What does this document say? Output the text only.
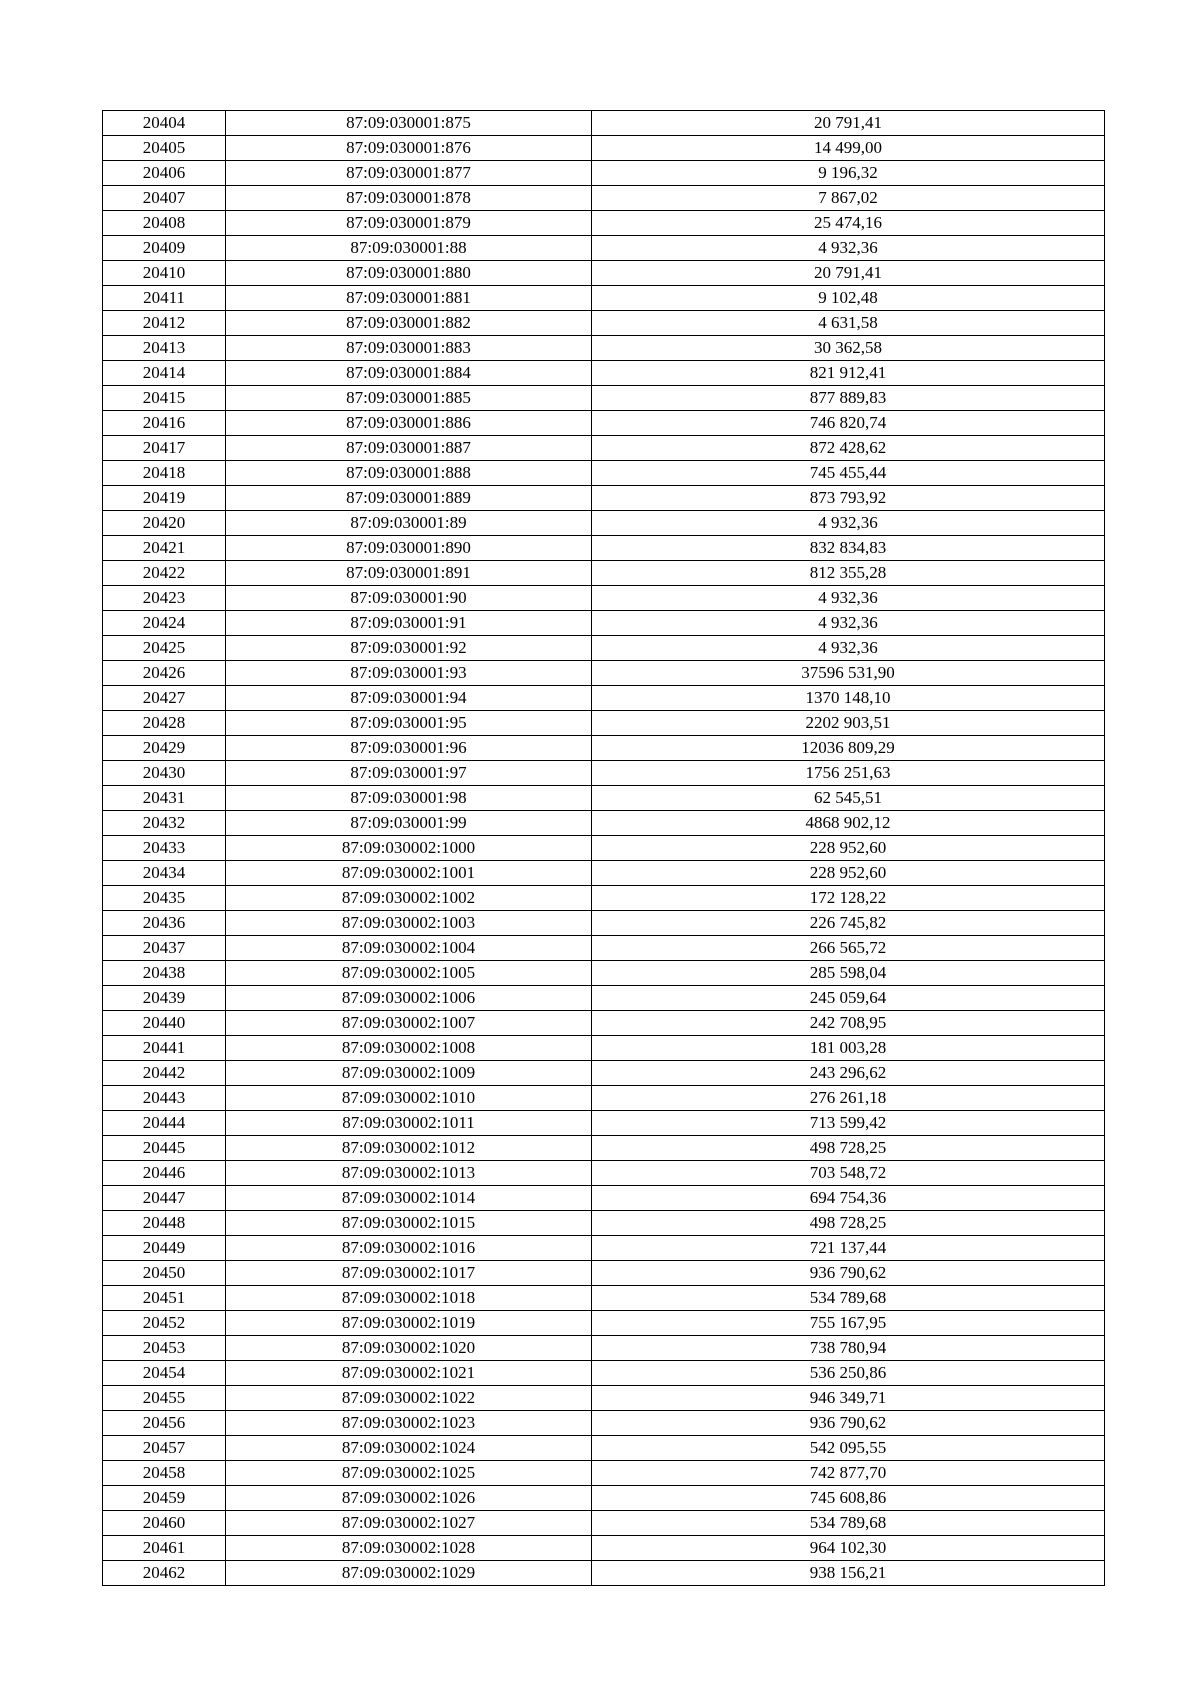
20404	87:09:030001:875	20 791,41
20405	87:09:030001:876	14 499,00
20406	87:09:030001:877	9 196,32
20407	87:09:030001:878	7 867,02
20408	87:09:030001:879	25 474,16
20409	87:09:030001:88	4 932,36
20410	87:09:030001:880	20 791,41
20411	87:09:030001:881	9 102,48
20412	87:09:030001:882	4 631,58
20413	87:09:030001:883	30 362,58
20414	87:09:030001:884	821 912,41
20415	87:09:030001:885	877 889,83
20416	87:09:030001:886	746 820,74
20417	87:09:030001:887	872 428,62
20418	87:09:030001:888	745 455,44
20419	87:09:030001:889	873 793,92
20420	87:09:030001:89	4 932,36
20421	87:09:030001:890	832 834,83
20422	87:09:030001:891	812 355,28
20423	87:09:030001:90	4 932,36
20424	87:09:030001:91	4 932,36
20425	87:09:030001:92	4 932,36
20426	87:09:030001:93	37596 531,90
20427	87:09:030001:94	1370 148,10
20428	87:09:030001:95	2202 903,51
20429	87:09:030001:96	12036 809,29
20430	87:09:030001:97	1756 251,63
20431	87:09:030001:98	62 545,51
20432	87:09:030001:99	4868 902,12
20433	87:09:030002:1000	228 952,60
20434	87:09:030002:1001	228 952,60
20435	87:09:030002:1002	172 128,22
20436	87:09:030002:1003	226 745,82
20437	87:09:030002:1004	266 565,72
20438	87:09:030002:1005	285 598,04
20439	87:09:030002:1006	245 059,64
20440	87:09:030002:1007	242 708,95
20441	87:09:030002:1008	181 003,28
20442	87:09:030002:1009	243 296,62
20443	87:09:030002:1010	276 261,18
20444	87:09:030002:1011	713 599,42
20445	87:09:030002:1012	498 728,25
20446	87:09:030002:1013	703 548,72
20447	87:09:030002:1014	694 754,36
20448	87:09:030002:1015	498 728,25
20449	87:09:030002:1016	721 137,44
20450	87:09:030002:1017	936 790,62
20451	87:09:030002:1018	534 789,68
20452	87:09:030002:1019	755 167,95
20453	87:09:030002:1020	738 780,94
20454	87:09:030002:1021	536 250,86
20455	87:09:030002:1022	946 349,71
20456	87:09:030002:1023	936 790,62
20457	87:09:030002:1024	542 095,55
20458	87:09:030002:1025	742 877,70
20459	87:09:030002:1026	745 608,86
20460	87:09:030002:1027	534 789,68
20461	87:09:030002:1028	964 102,30
20462	87:09:030002:1029	938 156,21
